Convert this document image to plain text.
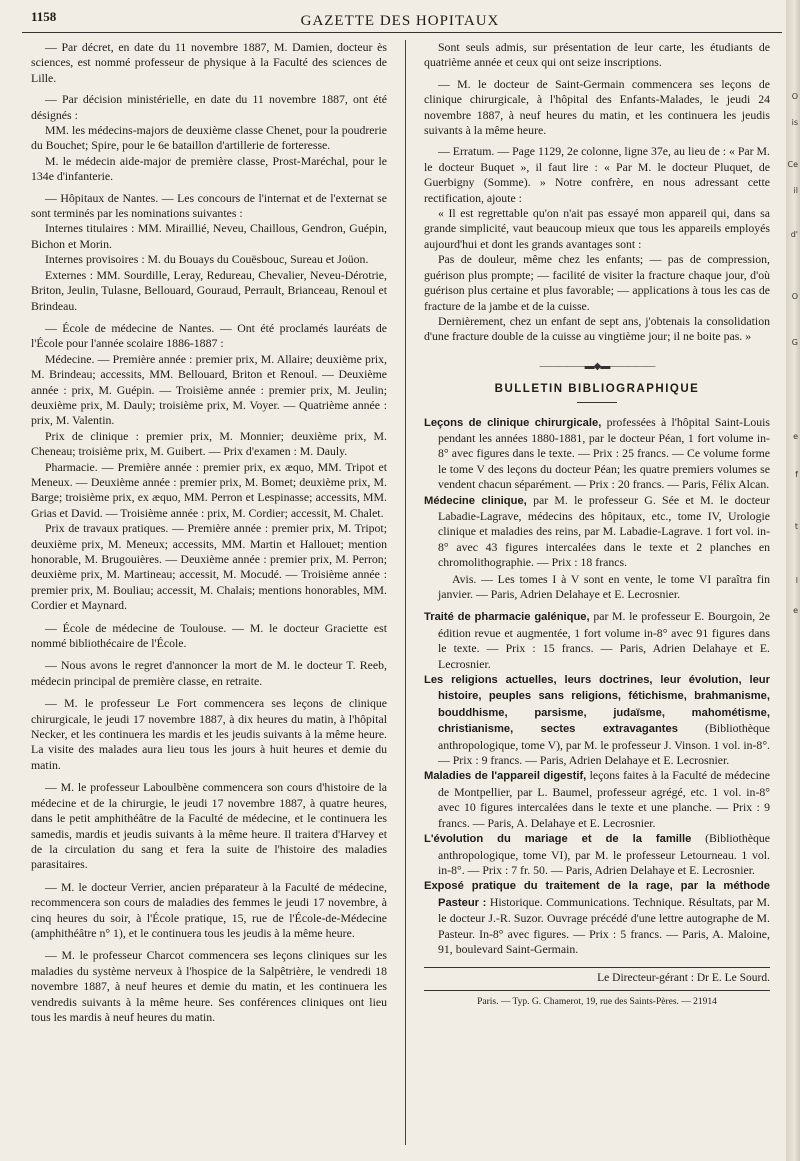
1158	GAZETTE DES HOPITAUX
O
is
Ce
il
d'
O
G
e
f
t
l
e

— Par décret, en date du 11 novembre 1887, M. Damien, docteur ès sciences, est nommé professeur de physique à la Faculté des sciences de Lille.

— Par décision ministérielle, en date du 11 novembre 1887, ont été désignés :

MM. les médecins-majors de deuxième classe Chenet, pour la poudrerie du Bouchet; Spire, pour le 6e bataillon d'artillerie de forteresse.

M. le médecin aide-major de première classe, Prost-Maréchal, pour le 134e d'infanterie.

— Hôpitaux de Nantes. — Les concours de l'internat et de l'externat se sont terminés par les nominations suivantes :

Internes titulaires : MM. Miraillié, Neveu, Chaillous, Gendron, Guépin, Bichon et Morin.

Internes provisoires : M. du Bouays du Couësbouc, Sureau et Joüon.

Externes : MM. Sourdille, Leray, Redureau, Chevalier, Neveu-Dérotrie, Briton, Jeulin, Tulasne, Bellouard, Gouraud, Perrault, Brianceau, Renoul et Brindeau.

— École de médecine de Nantes. — Ont été proclamés lauréats de l'École pour l'année scolaire 1886-1887 :

Médecine. — Première année : premier prix, M. Allaire; deuxième prix, M. Brindeau; accessits, MM. Bellouard, Briton et Renoul. — Deuxième année : prix, M. Guépin. — Troisième année : premier prix, M. Jeulin; deuxième prix, M. Dauly; troisième prix, M. Voyer. — Quatrième année : prix, M. Valentin.

Prix de clinique : premier prix, M. Monnier; deuxième prix, M. Cheneau; troisième prix, M. Guibert. — Prix d'examen : M. Dauly.

Pharmacie. — Première année : premier prix, ex æquo, MM. Tripot et Meneux. — Deuxième année : premier prix, M. Bomet; deuxième prix, M. Barge; troisième prix, ex æquo, MM. Perron et Lespinasse; accessits, MM. Grias et David. — Troisième année : prix, M. Cordier; accessit, M. Chalet.

Prix de travaux pratiques. — Première année : premier prix, M. Tripot; deuxième prix, M. Meneux; accessits, MM. Martin et Hallouet; mention honorable, M. Brugouières. — Deuxième année : premier prix, M. Perron; deuxième prix, M. Martineau; accessit, M. Mocudé. — Troisième année : premier prix, M. Bouliau; accessit, M. Chalais; mentions honorables, MM. Cordier et Maynard.

— École de médecine de Toulouse. — M. le docteur Graciette est nommé bibliothécaire de l'École.

— Nous avons le regret d'annoncer la mort de M. le docteur T. Reeb, médecin principal de première classe, en retraite.

— M. le professeur Le Fort commencera ses leçons de clinique chirurgicale, le jeudi 17 novembre 1887, à dix heures du matin, à l'hôpital Necker, et les continuera les mardis et les jeudis suivants à la même heure. La visite des malades aura lieu tous les jours à huit heures et demie du matin.

— M. le professeur Laboulbène commencera son cours d'histoire de la médecine et de la chirurgie, le jeudi 17 novembre 1887, à quatre heures, dans le petit amphithéâtre de la Faculté de médecine, et le continuera les samedis, mardis et jeudis suivants à la même heure. Il traitera d'Harvey et de la circulation du sang et fera la suite de l'histoire des maladies parasitaires.

— M. le docteur Verrier, ancien préparateur à la Faculté de médecine, recommencera son cours de maladies des femmes le jeudi 17 novembre, à cinq heures du soir, à l'École pratique, 15, rue de l'École-de-Médecine (amphithéâtre n° 1), et le continuera tous les jeudis à la même heure.

— M. le professeur Charcot commencera ses leçons cliniques sur les maladies du système nerveux à l'hospice de la Salpêtrière, le vendredi 18 novembre 1887, à neuf heures et demie du matin, et les continuera les vendredis suivants à la même heure. Ses conférences cliniques ont lieu tous les mardis à neuf heures du matin.

Sont seuls admis, sur présentation de leur carte, les étudiants de quatrième année et ceux qui ont seize inscriptions.

— M. le docteur de Saint-Germain commencera ses leçons de clinique chirurgicale, à l'hôpital des Enfants-Malades, le jeudi 24 novembre 1887, à neuf heures du matin, et les continuera les jeudis suivants à la même heure.

— Erratum. — Page 1129, 2e colonne, ligne 37e, au lieu de : « Par M. le docteur Buquet », il faut lire : « Par M. le docteur Pluquet, de Guerbigny (Somme). » Notre confrère, en nous adressant cette rectification, ajoute :

« Il est regrettable qu'on n'ait pas essayé mon appareil qui, dans sa grande simplicité, vaut beaucoup mieux que tous les appareils employés aujourd'hui et dont les grands avantages sont :

Pas de douleur, même chez les enfants; — pas de compression, guérison plus prompte; — facilité de visiter la fracture chaque jour, d'où guérison plus certaine et plus favorable; — applications à tous les cas de fracture de la jambe et de la cuisse.

Dernièrement, chez un enfant de sept ans, j'obtenais la consolidation d'une fracture double de la cuisse au vingtième jour; il ne boite pas. »

—————▬◆▬—————
BULLETIN BIBLIOGRAPHIQUE

Leçons de clinique chirurgicale, professées à l'hôpital Saint-Louis pendant les années 1880-1881, par le docteur Péan, 1 fort volume in-8° avec figures dans le texte. — Prix : 25 francs. — Ce volume forme le tome V des leçons du docteur Péan; les quatre premiers volumes se vendent chacun séparément. — Prix : 20 francs. — Paris, Félix Alcan.

Médecine clinique, par M. le professeur G. Sée et M. le docteur Labadie-Lagrave, médecins des hôpitaux, etc., tome IV, Urologie clinique et maladies des reins, par M. Labadie-Lagrave. 1 fort vol. in-8° avec 43 figures intercalées dans le texte et 2 planches en chromolithographie. — Prix : 18 francs.

Avis. — Les tomes I à V sont en vente, le tome VI paraîtra fin janvier. — Paris, Adrien Delahaye et E. Lecrosnier.

Traité de pharmacie galénique, par M. le professeur E. Bourgoin, 2e édition revue et augmentée, 1 fort volume in-8° avec 91 figures dans le texte. — Prix : 15 francs. — Paris, Adrien Delahaye et E. Lecrosnier.

Les religions actuelles, leurs doctrines, leur évolution, leur histoire, peuples sans religions, fétichisme, brahmanisme, bouddhisme, parsisme, judaïsme, mahométisme, christianisme, sectes extravagantes (Bibliothèque anthropologique, tome V), par M. le professeur J. Vinson. 1 vol. in-8°. — Prix : 9 francs. — Paris, Adrien Delahaye et E. Lecrosnier.

Maladies de l'appareil digestif, leçons faites à la Faculté de médecine de Montpellier, par L. Baumel, professeur agrégé, etc. 1 vol. in-8° avec 10 figures intercalées dans le texte et une planche. — Prix : 9 francs. — Paris, A. Delahaye et E. Lecrosnier.

L'évolution du mariage et de la famille (Bibliothèque anthropologique, tome VI), par M. le professeur Letourneau. 1 vol. in-8°. — Prix : 7 fr. 50. — Paris, Adrien Delahaye et E. Lecrosnier.

Exposé pratique du traitement de la rage, par la méthode Pasteur : Historique. Communications. Technique. Résultats, par M. le docteur J.-R. Suzor. Ouvrage précédé d'une lettre autographe de M. Pasteur. In-8° avec figures. — Prix : 5 francs. — Paris, A. Maloine, 91, boulevard Saint-Germain.

Le Directeur-gérant : Dr E. Le Sourd.
Paris. — Typ. G. Chamerot, 19, rue des Saints-Pères. — 21914
